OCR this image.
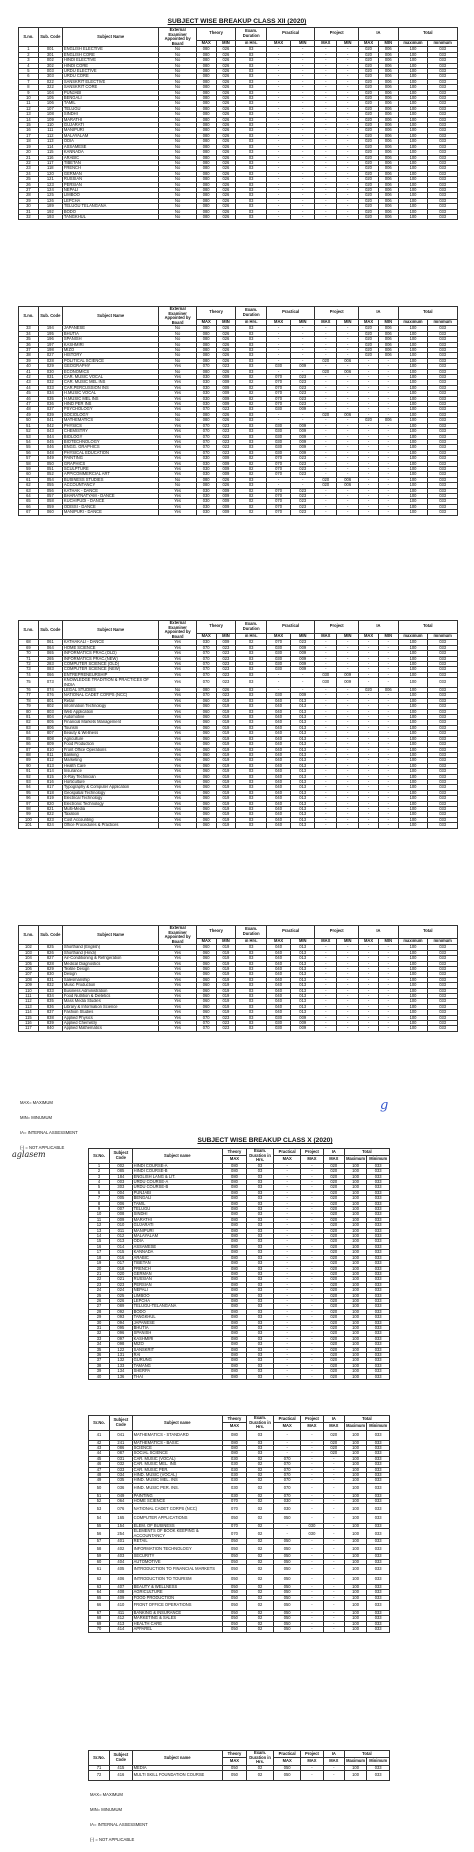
SUBJECT WISE BREAKUP CLASS XII (2020)
S.no.	Sub. Code	Subject Name	External Examiner Appointed by Board	Theory		Exam. Duration	Practical		Project		IA		Total	
				MAX	MIN	in Hrs.	MAX	MIN	MAX	MIN	MAX	MIN	maximum	minimum
1	001	ENGLISH ELECTIVE	No	080	026	03	-	-	-	-	020	006	100	033
2	301	ENGLISH CORE	No	080	026	03	-	-	-	-	020	006	100	033
3	002	HINDI ELECTIVE	No	080	026	03	-	-	-	-	020	006	100	033
4	302	HINDI CORE	No	080	026	03	-	-	-	-	020	006	100	033
5	003	URDU ELECTIVE	No	080	026	03	-	-	-	-	020	006	100	033
6	303	URDU CORE	No	080	026	03	-	-	-	-	020	006	100	033
7	022	SANSKRIT ELECTIVE	No	080	026	03	-	-	-	-	020	006	100	033
8	322	SANSKRIT CORE	No	080	026	03	-	-	-	-	020	006	100	033
9	104	PUNJABI	No	080	026	03	-	-	-	-	020	006	100	033
10	105	BENGALI	No	080	026	03	-	-	-	-	020	006	100	033
11	106	TAMIL	No	080	026	03	-	-	-	-	020	006	100	033
12	107	TELUGU	No	080	026	03	-	-	-	-	020	006	100	033
13	108	SINDHI	No	080	026	03	-	-	-	-	020	006	100	033
14	109	MARATHI	No	080	026	03	-	-	-	-	020	006	100	033
15	110	GUJARATI	No	080	026	03	-	-	-	-	020	006	100	033
16	111	MANIPURI	No	080	026	03	-	-	-	-	020	006	100	033
17	112	MALAYALAM	No	080	026	03	-	-	-	-	020	006	100	033
18	113	ODIA	No	080	026	03	-	-	-	-	020	006	100	033
19	114	ASSAMESE	No	080	026	03	-	-	-	-	020	006	100	033
20	115	KANNADA	No	080	026	03	-	-	-	-	020	006	100	033
21	116	ARABIC	No	080	026	03	-	-	-	-	020	006	100	033
22	117	TIBETAN	No	080	026	03	-	-	-	-	020	006	100	033
23	118	FRENCH	No	080	026	03	-	-	-	-	020	006	100	033
24	120	GERMAN	No	080	026	03	-	-	-	-	020	006	100	033
25	121	RUSSIAN	No	080	026	03	-	-	-	-	020	006	100	033
26	123	PERSIAN	No	080	026	03	-	-	-	-	020	006	100	033
27	124	NEPALI	No	080	026	03	-	-	-	-	020	006	100	033
28	125	LIMBOO	No	080	026	03	-	-	-	-	020	006	100	033
29	126	LEPCHA	No	080	026	03	-	-	-	-	020	006	100	033
30	189	TELUGU TELANGANA	No	080	026	03	-	-	-	-	020	006	100	033
31	192	BODO	No	080	026	03	-	-	-	-	020	006	100	033
32	193	TANGKHUL	No	080	026	03	-	-	-	-	020	006	100	033
S.no.	Sub. Code	Subject Name	External Examiner Appointed by Board	Theory		Exam. Duration	Practical		Project		IA		Total	
				MAX	MIN	in Hrs.	MAX	MIN	MAX	MIN	MAX	MIN	maximum	minimum
33	194	JAPANESE	No	080	026	03	-	-	-	-	020	006	100	033
34	195	BHUTIA	No	080	026	03	-	-	-	-	020	006	100	033
35	196	SPANISH	No	080	026	03	-	-	-	-	020	006	100	033
36	197	KASHMIRI	No	080	026	03	-	-	-	-	020	006	100	033
37	198	MIZO	No	080	026	03	-	-	-	-	020	006	100	033
38	027	HISTORY	No	080	026	03	-	-	-	-	020	006	100	033
39	028	POLITICAL SCIENCE	No	080	026	03	-	-	020	006	-	-	100	033
40	029	GEOGRAPHY	Yes	070	023	03	030	009	-	-	-	-	100	033
41	030	ECONOMICS	No	080	026	03	-	-	020	006	-	-	100	033
42	031	CAR. MUSIC VOCAL	Yes	030	009	02	070	023	-	-	-	-	100	033
43	032	CAR. MUSIC MEL INS	Yes	030	009	02	070	023	-	-	-	-	100	033
44	033	CAR.PERCUSSION INS	Yes	030	009	02	070	023	-	-	-	-	100	033
45	034	H.MUSIC VOCAL	Yes	030	009	02	070	023	-	-	-	-	100	033
46	035	H.MUSIC MEL INS	Yes	030	009	02	070	023	-	-	-	-	100	033
47	036	HIND PER INS	Yes	030	009	02	070	023	-	-	-	-	100	033
48	037	PSYCHOLOGY	Yes	070	023	03	030	009	-	-	-	-	100	033
49	039	SOCIOLOGY	No	080	026	03	-	-	020	006	-	-	100	033
50	041	MATHEMATICS	No	080	026	03	-	-	-	-	020	006	100	033
51	042	PHYSICS	Yes	070	023	03	030	009	-	-	-	-	100	033
52	043	CHEMISTRY	Yes	070	023	03	030	009	-	-	-	-	100	033
53	044	BIOLOGY	Yes	070	023	03	030	009	-	-	-	-	100	033
54	045	BIOTECHNOLOGY	Yes	070	023	03	030	009	-	-	-	-	100	033
55	046	ENGG. GRAPHICS	Yes	070	023	03	030	009	-	-	-	-	100	033
56	048	PHYSICAL EDUCATION	Yes	070	023	03	030	009	-	-	-	-	100	033
57	049	PAINTING	Yes	030	009	02	070	023	-	-	-	-	100	033
58	050	GRAPHICS	Yes	030	009	02	070	023	-	-	-	-	100	033
59	051	SCULPTURE	Yes	030	009	02	070	023	-	-	-	-	100	033
60	052	APP/COMMERCIAL ART	Yes	030	009	02	070	023	-	-	-	-	100	033
61	054	BUSINESS STUDIES	No	080	026	03	-	-	020	006	-	-	100	033
62	055	ACCOUNTANCY	No	080	026	03	-	-	020	006	-	-	100	033
63	056	KATHAK - DANCE	Yes	030	009	02	070	023	-	-	-	-	100	033
64	057	BHARATNATYAM - DANCE	Yes	030	009	02	070	023	-	-	-	-	100	033
65	058	KUCHIPUDI - DANCE	Yes	030	009	02	070	023	-	-	-	-	100	033
66	059	ODISSI - DANCE	Yes	030	009	02	070	023	-	-	-	-	100	033
67	060	MANIPURI - DANCE	Yes	030	009	02	070	023	-	-	-	-	100	033
S.no.	Sub. Code	Subject Name	External Examiner Appointed by Board	Theory		Exam. Duration	Practical		Project		IA		Total	
				MAX	MIN	in Hrs.	MAX	MIN	MAX	MIN	MAX	MIN	maximum	minimum
68	061	KATHAKALI - DANCE	Yes	030	009	02	070	023	-	-	-	-	100	033
69	064	HOME SCIENCE	Yes	070	023	03	030	009	-	-	-	-	100	033
70	065	INFORMATICS PRAC.(OLD)	Yes	070	023	03	030	009	-	-	-	-	100	033
71	265	INFORMATICS PRAC.(NEW)	Yes	070	023	03	030	009	-	-	-	-	100	033
72	283	COMPUTER SCIENCE (OLD)	Yes	070	023	03	030	009	-	-	-	-	100	033
73	083	COMPUTER SCIENCE (NEW)	Yes	070	023	03	030	009	-	-	-	-	100	033
74	066	ENTREPRENEURSHIP	Yes	070	023	03	-	-	030	009	-	-	100	033
75	073	KNOWLEDGE TRADITION & PRACTICES OF INDIA	Yes	070	023	03	-	-	030	009	-	-	100	033
76	074	LEGAL STUDIES	No	080	026	03	-	-	-	-	020	006	100	033
77	076	NATIONAL CADET CORPS (NCC)	Yes	070	023	03	030	009	-	-	-	-	100	033
78	801	Retail	Yes	060	019	03	040	013	-	-	-	-	100	033
79	802	Information Technology	Yes	060	019	03	040	013	-	-	-	-	100	033
80	803	Web Application	Yes	060	019	03	040	013	-	-	-	-	100	033
81	804	Automotive	Yes	060	019	03	040	013	-	-	-	-	100	033
82	805	Financial Markets Management	Yes	060	019	03	040	013	-	-	-	-	100	033
83	806	Tourism	Yes	060	019	03	040	013	-	-	-	-	100	033
84	807	Beauty & Wellness	Yes	060	019	03	040	013	-	-	-	-	100	033
85	808	Agriculture	Yes	060	019	03	040	013	-	-	-	-	100	033
86	809	Food Production	Yes	060	019	03	040	013	-	-	-	-	100	033
87	810	Front Office Operations	Yes	060	019	03	040	013	-	-	-	-	100	033
88	811	Banking	Yes	060	019	03	040	013	-	-	-	-	100	033
89	812	Marketing	Yes	060	019	03	040	013	-	-	-	-	100	033
90	813	Health Care	Yes	060	019	03	040	013	-	-	-	-	100	033
91	814	Insurance	Yes	060	019	03	040	013	-	-	-	-	100	033
92	815	X-Ray Technician	Yes	060	019	03	040	013	-	-	-	-	100	033
93	816	Horticulture	Yes	060	019	03	040	013	-	-	-	-	100	033
94	817	Typography & Computer Application	Yes	060	019	03	040	013	-	-	-	-	100	033
95	818	Geospatial Technology	Yes	060	019	03	040	013	-	-	-	-	100	033
96	819	Electrical Technology	Yes	060	019	03	040	013	-	-	-	-	100	033
97	820	Electronic Technology	Yes	060	019	03	040	013	-	-	-	-	100	033
98	821	Multi-Media	Yes	060	019	03	040	013	-	-	-	-	100	033
99	822	Taxation	Yes	060	019	03	040	013	-	-	-	-	100	033
100	823	Cost Accounting	Yes	060	019	03	040	013	-	-	-	-	100	033
101	824	Office Procedures & Practices	Yes	060	019	03	040	013	-	-	-	-	100	033
S.no.	Sub. Code	Subject Name	External Examiner Appointed by Board	Theory		Exam. Duration	Practical		Project		IA		Total	
				MAX	MIN	in Hrs.	MAX	MIN	MAX	MIN	MAX	MIN	maximum	minimum
102	825	Shorthand (English)	Yes	060	019	03	040	013	-	-	-	-	100	033
103	826	Shorthand (Hindi)	Yes	060	019	03	040	013	-	-	-	-	100	033
104	827	Air-Conditioning & Refrigeration	Yes	060	019	03	040	013	-	-	-	-	100	033
105	828	Medical Diagnostics	Yes	060	019	03	040	013	-	-	-	-	100	033
106	829	Textile Design	Yes	060	019	03	040	013	-	-	-	-	100	033
107	830	Design	Yes	060	019	03	040	013	-	-	-	-	100	033
108	831	Salesmanship	Yes	060	019	03	040	013	-	-	-	-	100	033
109	832	Music Production	Yes	060	019	03	040	013	-	-	-	-	100	033
110	833	Business Administration	Yes	060	019	03	040	013	-	-	-	-	100	033
111	834	Food Nutrition & Dietetics	Yes	060	019	03	040	013	-	-	-	-	100	033
112	835	Mass Media Studies	Yes	060	019	03	040	013	-	-	-	-	100	033
113	836	Library & Information Science	Yes	060	019	03	040	013	-	-	-	-	100	033
114	837	Fashion Studies	Yes	060	019	03	040	013	-	-	-	-	100	033
115	838	Applied Physics	Yes	070	023	03	030	009	-	-	-	-	100	033
116	839	Applied Chemistry	Yes	070	023	03	030	009	-	-	-	-	100	033
117	840	Applied Mathematics	Yes	070	023	03	030	009	-	-	-	-	100	033

MAX= MAXIMUM

MIN= MINUMUM

IA= INTERNAL ASSESSMENT

(-) = NOT APPLICABLE

g
aglasem
SUBJECT WISE BREAKUP CLASS X (2020)
Sr.No.	Subject Code	Subject name	Theory	Exam. Duration in Hrs.	Practical	Project	IA	Total	
			MAX		MAX	MAX	MAX	Maximum	Minimum
1	002	HINDI COURSE-A	080	03	-	-	020	100	033
2	085	HINDI COURSE-B	080	03	-	-	020	100	033
3	184	ENGLISH LANG & LIT.	080	03	-	-	020	100	033
4	003	URDU COURSE-A	080	03	-	-	020	100	033
5	303	URDU COURSE-B	080	03	-	-	020	100	033
6	004	PUNJABI	080	03	-	-	020	100	033
7	005	BENGALI	080	03	-	-	020	100	033
8	006	TAMIL	080	03	-	-	020	100	033
9	007	TELUGU	080	03	-	-	020	100	033
10	008	SINDHI	080	03	-	-	020	100	033
11	009	MARATHI	080	03	-	-	020	100	033
12	010	GUJARATI	080	03	-	-	020	100	033
13	011	MANIPURI	080	03	-	-	020	100	033
14	012	MALAYALAM	080	03	-	-	020	100	033
15	013	ODIA	080	03	-	-	020	100	033
16	014	ASSAMESE	080	03	-	-	020	100	033
17	015	KANNADA	080	03	-	-	020	100	033
18	016	ARABIC	080	03	-	-	020	100	033
19	017	TIBETAN	080	03	-	-	020	100	033
20	018	FRENCH	080	03	-	-	020	100	033
21	020	GERMAN	080	03	-	-	020	100	033
22	021	RUSSIAN	080	03	-	-	020	100	033
23	023	PERSIAN	080	03	-	-	020	100	033
24	024	NEPALI	080	03	-	-	020	100	033
25	025	LIMBOO	080	03	-	-	020	100	033
26	026	LEPCHA	080	03	-	-	020	100	033
27	089	TELUGU-TELANGANA	080	03	-	-	020	100	033
28	092	BODO	080	03	-	-	020	100	033
29	093	TANGKHUL	080	03	-	-	020	100	033
30	094	JAPANESE	080	03	-	-	020	100	033
31	095	BHUTIA	080	03	-	-	020	100	033
32	096	SPANISH	080	03	-	-	020	100	033
33	097	KASHMIRI	080	03	-	-	020	100	033
34	098	MIZO	080	03	-	-	020	100	033
35	122	SANSKRIT	080	03	-	-	020	100	033
36	131	RAI	080	03	-	-	020	100	033
37	132	GURUNG	080	03	-	-	020	100	033
38	133	TAMANG	080	03	-	-	020	100	033
39	134	SHERPA	080	03	-	-	020	100	033
40	136	THAI	080	03	-	-	020	100	033
Sr.No.	Subject Code	Subject name	Theory	Exam. Duration in Hrs.	Practical	Project	IA	Total	
			MAX		MAX	MAX	MAX	Maximum	Minimum
41	041	MATHEMATICS - STANDARD	080	03	-	-	020	100	033
42	241	MATHEMATICS - BASIC	080	03	-	-	020	100	033
43	086	SCIENCE	080	03	-	-	020	100	033
44	087	SOCIAL SCIENCE	080	03	-	-	020	100	033
45	031	CAR. MUSIC (VOCAL)	030	02	070	-	-	100	033
46	032	CAR. MUSIC MEL. INS	030	02	070	-	-	100	033
47	033	CAR. MUSIC PER.	030	02	070	-	-	100	033
48	034	HIND. MUSIC (VOCAL)	030	02	070	-	-	100	033
49	035	HIND. MUSIC MEL. INS	030	02	070	-	-	100	033
50	036	HIND. MUSIC PER. INS.	030	02	070	-	-	100	033
51	049	PAINTING	030	02	070	-	-	100	033
52	064	HOME SCIENCE	070	02	030	-	-	100	033
53	076	NATIONAL CADET CORPS (NCC)	070	02	030	-	-	100	033
54	165	COMPUTER APPLICATIONS	050	02	050	-	-	100	033
55	154	ELEM. OF BUSINESS	070	02	-	030	-	100	033
56	254	ELEMENTS OF BOOK KEEPING & ACCOUNTANCY	070	02	-	030	-	100	033
57	401	RETAIL	050	02	050	-	-	100	033
58	402	INFORMATION TECHNOLOGY	050	02	050	-	-	100	033
59	403	SECURITY	050	02	050	-	-	100	033
60	404	AUTOMOTIVE	050	02	050	-	-	100	033
61	405	INTRODUCTION TO FINANCIAL MARKETS	050	02	050	-	-	100	033
62	406	INTRODUCTION TO TOURISM	050	02	050	-	-	100	033
63	407	BEAUTY & WELLNESS	050	02	050	-	-	100	033
64	408	AGRICULTURE	050	02	050	-	-	100	033
65	409	FOOD PRODUCTION	050	02	050	-	-	100	033
66	410	FRONT OFFICE OPERATIONS	050	02	050	-	-	100	033
67	411	BANKING & INSURANCE	050	02	050	-	-	100	033
68	412	MARKETING & SALES	050	02	050	-	-	100	033
69	413	HEALTH CARE	050	02	050	-	-	100	033
70	414	APPAREL	050	02	050	-	-	100	033
Sr.No.	Subject Code	Subject name	Theory	Exam. Duration in Hrs.	Practical	Project	IA	Total	
			MAX		MAX	MAX	MAX	Maximum	Minimum
71	415	MEDIA	050	02	050	-	-	100	033
72	416	MULTI SKILL FOUNDATION COURSE	050	02	050	-	-	100	033

MAX= MAXIMUM

MIN= MINUMUM

IA= INTERNAL ASSESSMENT

(-) = NOT APPLICABLE
